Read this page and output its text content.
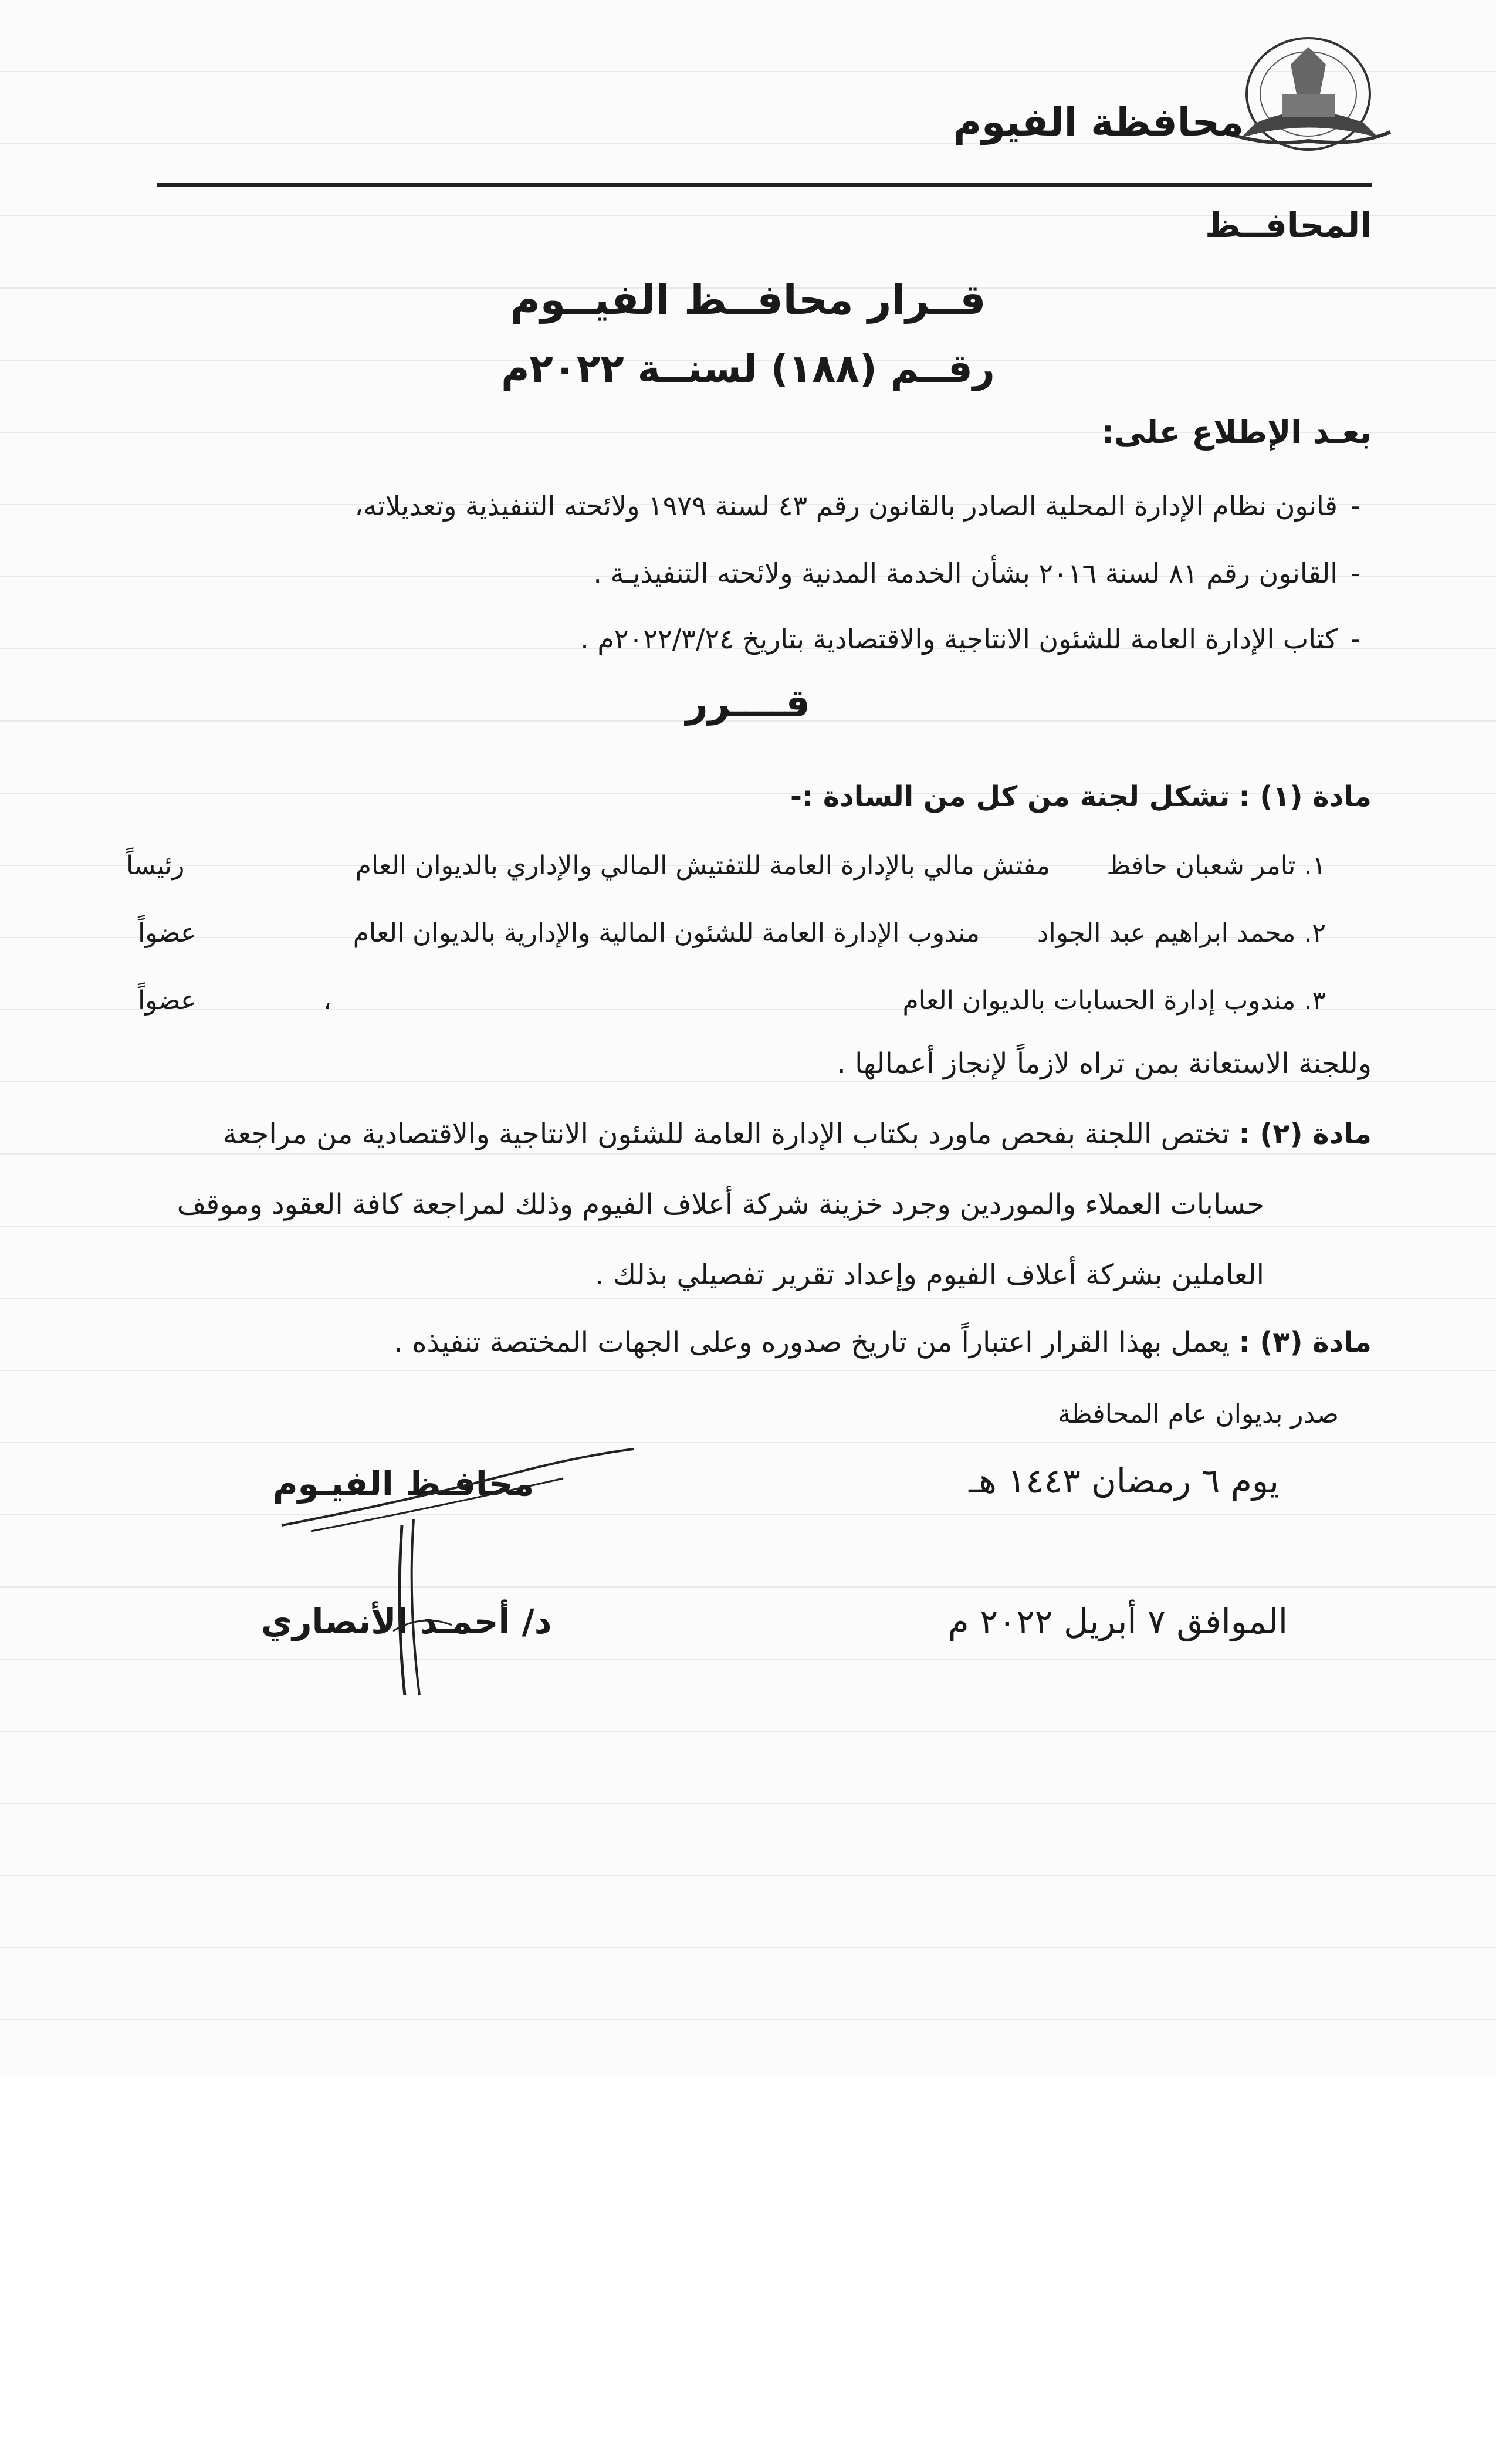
محافظة الفيوم
المحافــظ
قــرار محافــظ الفيــوم
رقــم (١٨٨) لسنــة ٢٠٢٢م
بعـد الإطلاع على:
-قانون نظام الإدارة المحلية الصادر بالقانون رقم ٤٣ لسنة ١٩٧٩ ولائحته التنفيذية وتعديلاته،
-القانون رقم ٨١ لسنة ٢٠١٦ بشأن الخدمة المدنية ولائحته التنفيذيـة .
-كتاب الإدارة العامة للشئون الانتاجية والاقتصادية بتاريخ ٢٠٢٢/٣/٢٤م .
قــــرر
مادة (١) : تشكل لجنة من كل من السادة :-
١. تامر شعبان حافظ
مفتش مالي بالإدارة العامة للتفتيش المالي والإداري بالديوان العام
رئيساً
٢. محمد ابراهيم عبد الجواد
مندوب الإدارة العامة للشئون المالية والإدارية بالديوان العام
عضواً
٣. مندوب إدارة الحسابات بالديوان العام
،
عضواً
وللجنة الاستعانة بمن تراه لازماً لإنجاز أعمالها .
مادة (٢) : تختص اللجنة بفحص ماورد بكتاب الإدارة العامة للشئون الانتاجية والاقتصادية من مراجعة
حسابات العملاء والموردين وجرد خزينة شركة أعلاف الفيوم وذلك لمراجعة كافة العقود وموقف
العاملين بشركة أعلاف الفيوم وإعداد تقرير تفصيلي بذلك .
مادة (٣) : يعمل بهذا القرار اعتباراً من تاريخ صدوره وعلى الجهات المختصة تنفيذه .
صدر بديوان عام المحافظة
يوم ٦ رمضان ١٤٤٣ هـ
الموافق ٧ أبريل ٢٠٢٢ م
محافـظ الفيـوم
د/ أحمـد الأنصاري
